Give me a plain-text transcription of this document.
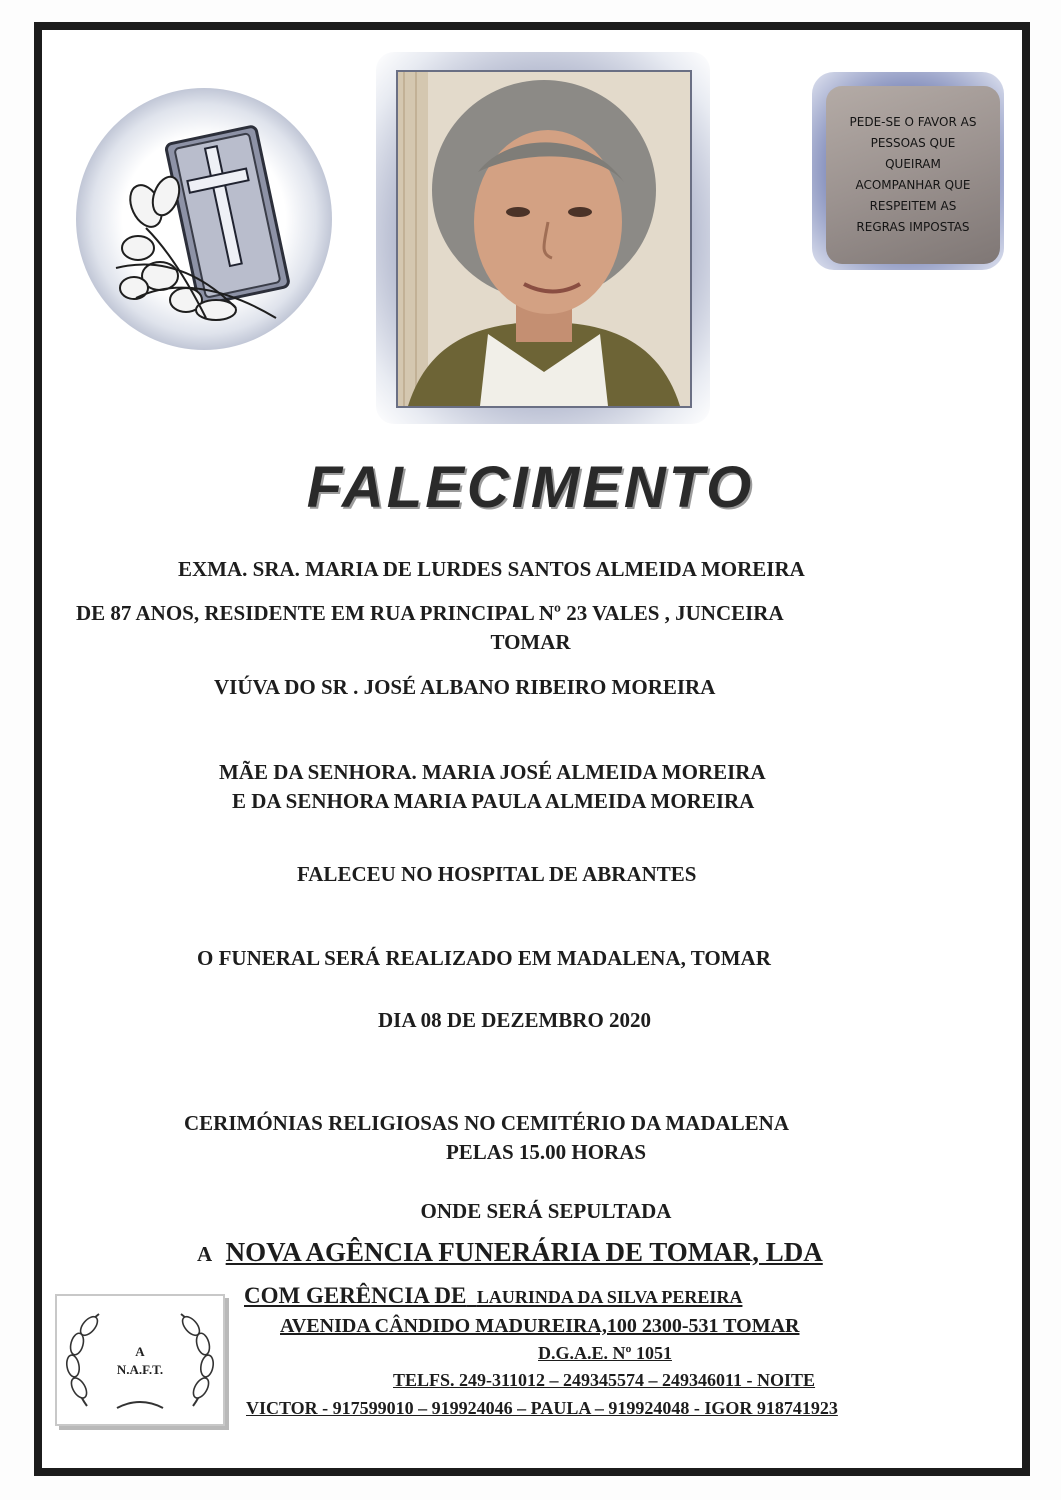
PEDE-SE O FAVOR AS
PESSOAS QUE
QUEIRAM
ACOMPANHAR QUE
RESPEITEM AS
REGRAS IMPOSTAS
FALECIMENTO
EXMA. SRA. MARIA DE LURDES SANTOS ALMEIDA MOREIRA
DE 87 ANOS, RESIDENTE EM RUA PRINCIPAL Nº 23 VALES , JUNCEIRA
TOMAR
VIÚVA DO SR . JOSÉ ALBANO RIBEIRO MOREIRA
MÃE DA SENHORA. MARIA JOSÉ ALMEIDA MOREIRA
E DA SENHORA MARIA PAULA ALMEIDA MOREIRA
FALECEU NO HOSPITAL DE ABRANTES
O FUNERAL SERÁ REALIZADO EM MADALENA, TOMAR
DIA 08 DE DEZEMBRO 2020
CERIMÓNIAS RELIGIOSAS NO CEMITÉRIO DA MADALENA
PELAS 15.00 HORAS
ONDE SERÁ SEPULTADA
A NOVA AGÊNCIA FUNERÁRIA DE TOMAR, LDA
COM GERÊNCIA DE LAURINDA DA SILVA PEREIRA
AVENIDA CÂNDIDO MADUREIRA,100 2300-531 TOMAR
D.G.A.E. Nº 1051
TELFS. 249-311012 – 249345574 – 249346011 - NOITE
VICTOR - 917599010 – 919924046 – PAULA – 919924048 - IGOR 918741923
A
N.A.F.T.
